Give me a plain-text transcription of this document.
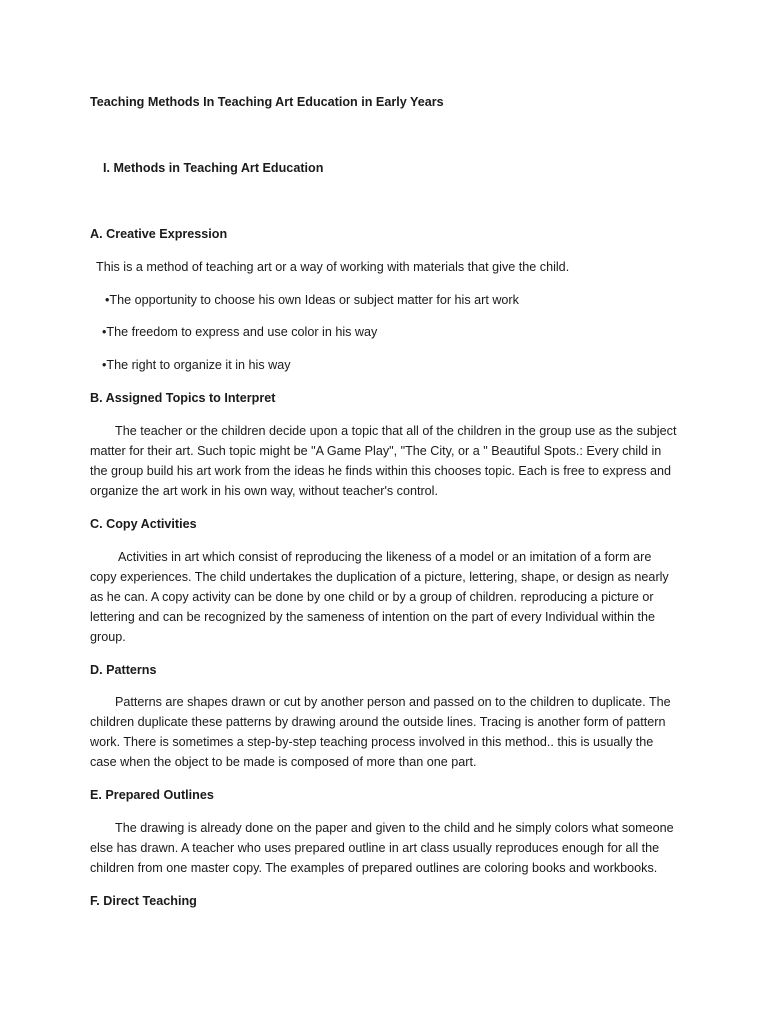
Teaching Methods In Teaching Art Education in Early Years

I. Methods in Teaching Art Education

A. Creative Expression

This is a method of teaching art or a way of working with materials that give the child.

•The opportunity to choose his own Ideas or subject matter for his art work

•The freedom to express and use color in his way

•The right to organize it in his way

B. Assigned Topics to Interpret

The teacher or the children decide upon a topic that all of the children in the group use as the subject matter for their art. Such topic might be "A Game Play", "The City, or a " Beautiful Spots.: Every child in the group build his art work from the ideas he finds within this chooses topic. Each is free to express and organize the art work in his own way, without teacher's control.

C. Copy Activities

Activities in art which consist of reproducing the likeness of a model or an imitation of a form are copy experiences. The child undertakes the duplication of a picture, lettering, shape, or design as nearly as he can. A copy activity can be done by one child or by a group of children. reproducing a picture or lettering and can be recognized by the sameness of intention on the part of every Individual within the group.

D. Patterns

Patterns are shapes drawn or cut by another person and passed on to the children to duplicate. The children duplicate these patterns by drawing around the outside lines. Tracing is another form of pattern work. There is sometimes a step-by-step teaching process involved in this method.. this is usually the case when the object to be made is composed of more than one part.

E. Prepared Outlines

The drawing is already done on the paper and given to the child and he simply colors what someone else has drawn. A teacher who uses prepared outline in art class usually reproduces enough for all the children from one master copy. The examples of prepared outlines are coloring books and workbooks.

F. Direct Teaching
